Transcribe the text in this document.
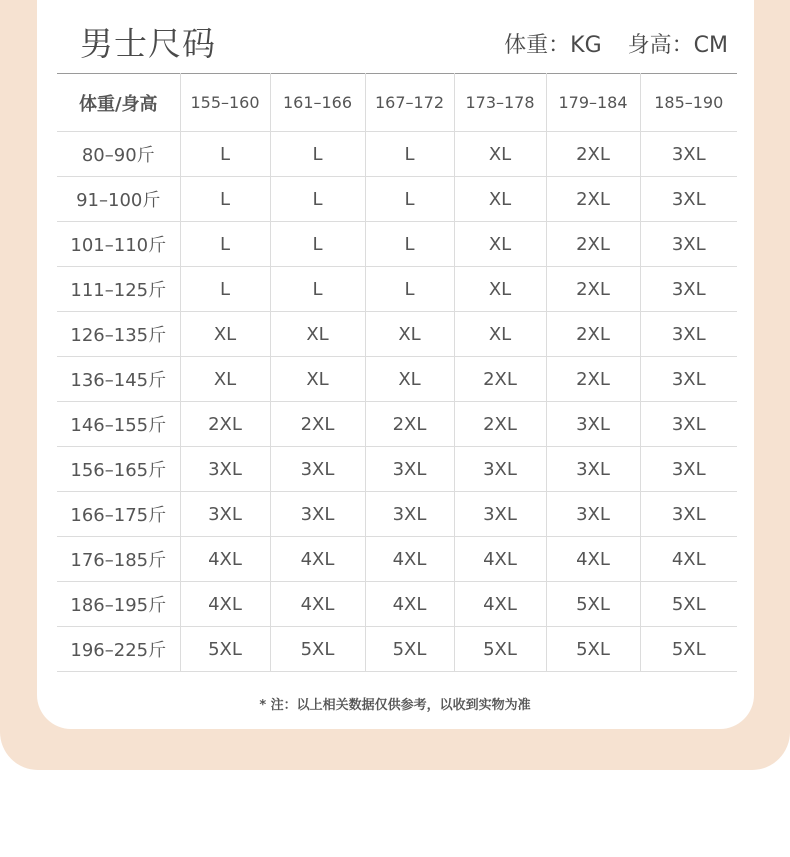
男士尺码	体重：KG 身高：CM
体重/身高	155–160	161–166	167–172	173–178	179–184	185–190
80–90斤	L	L	L	XL	2XL	3XL
91–100斤	L	L	L	XL	2XL	3XL
101–110斤	L	L	L	XL	2XL	3XL
111–125斤	L	L	L	XL	2XL	3XL
126–135斤	XL	XL	XL	XL	2XL	3XL
136–145斤	XL	XL	XL	2XL	2XL	3XL
146–155斤	2XL	2XL	2XL	2XL	3XL	3XL
156–165斤	3XL	3XL	3XL	3XL	3XL	3XL
166–175斤	3XL	3XL	3XL	3XL	3XL	3XL
176–185斤	4XL	4XL	4XL	4XL	4XL	4XL
186–195斤	4XL	4XL	4XL	4XL	5XL	5XL
196–225斤	5XL	5XL	5XL	5XL	5XL	5XL
* 注：以上相关数据仅供参考，以收到实物为准
